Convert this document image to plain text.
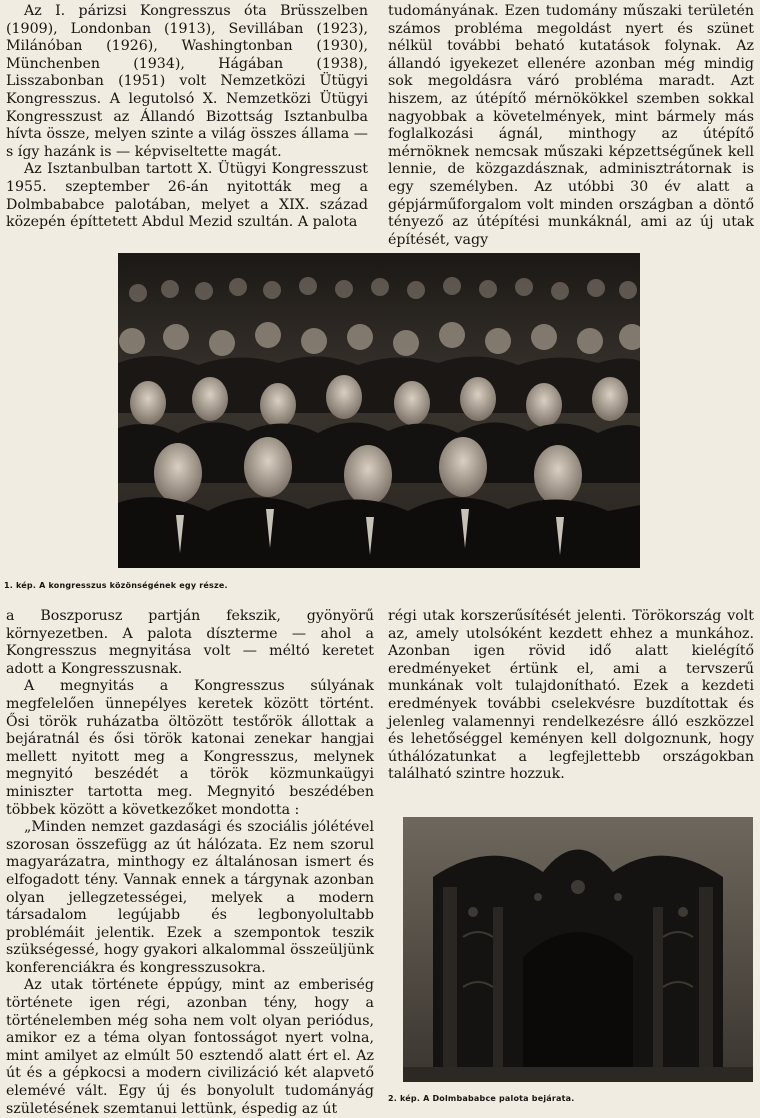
Az I. párizsi Kongresszus óta Brüsszelben (1909), Londonban (1913), Sevillában (1923), Milánóban (1926), Washingtonban (1930), Münchenben (1934), Hágában (1938), Lisszabonban (1951) volt Nemzetközi Ütügyi Kongresszus. A legutolsó X. Nemzetközi Ütügyi Kongresszust az Állandó Bizottság Isztanbulba hívta össze, melyen szinte a világ összes állama — s így hazánk is — képviseltette magát.

Az Isztanbulban tartott X. Ütügyi Kongresszust 1955. szeptember 26-án nyitották meg a Dolmbababce palotában, melyet a XIX. század közepén építtetett Abdul Mezid szultán. A palota

tudományának. Ezen tudomány műszaki területén számos probléma megoldást nyert és szünet nélkül további beható kutatások folynak. Az állandó igyekezet ellenére azonban még mindig sok megoldásra váró probléma maradt. Azt hiszem, az útépítő mérnökökkel szemben sokkal nagyobbak a követelmények, mint bármely más foglalkozási ágnál, minthogy az útépítő mérnöknek nemcsak műszaki képzettségűnek kell lennie, de közgazdásznak, adminisztrátornak is egy személyben. Az utóbbi 30 év alatt a gépjárműforgalom volt minden országban a döntő tényező az útépítési munkáknál, ami az új utak építését, vagy

1. kép. A kongresszus közönségének egy része.

a Boszporusz partján fekszik, gyönyörű környezetben. A palota díszterme — ahol a Kongresszus megnyitása volt — méltó keretet adott a Kongresszusnak.

A megnyitás a Kongresszus súlyának megfelelően ünnepélyes keretek között történt. Ősi török ruházatba öltözött testőrök állottak a bejáratnál és ősi török katonai zenekar hangjai mellett nyitott meg a Kongresszus, melynek megnyitó beszédét a török közmunkaügyi miniszter tartotta meg. Megnyitó beszédében többek között a következőket mondotta :

„Minden nemzet gazdasági és szociális jólétével szorosan összefügg az út hálózata. Ez nem szorul magyarázatra, minthogy ez általánosan ismert és elfogadott tény. Vannak ennek a tárgynak azonban olyan jellegzetességei, melyek a modern társadalom legújabb és legbonyolultabb problémáit jelentik. Ezek a szempontok teszik szükségessé, hogy gyakori alkalommal összeüljünk konferenciákra és kongresszusokra.

Az utak története éppúgy, mint az emberiség története igen régi, azonban tény, hogy a történelemben még soha nem volt olyan periódus, amikor ez a téma olyan fontosságot nyert volna, mint amilyet az elmúlt 50 esztendő alatt ért el. Az út és a gépkocsi a modern civilizáció két alapvető elemévé vált. Egy új és bonyolult tudományág születésének szemtanui lettünk, éspedig az út

régi utak korszerűsítését jelenti. Törökország volt az, amely utolsóként kezdett ehhez a munkához. Azonban igen rövid idő alatt kielégítő eredményeket értünk el, ami a tervszerű munkának volt tulajdonítható. Ezek a kezdeti eredmények további cselekvésre buzdítottak és jelenleg valamennyi rendelkezésre álló eszközzel és lehetőséggel keményen kell dolgoznunk, hogy úthálózatunkat a legfejlettebb országokban található szintre hozzuk.

2. kép. A Dolmbababce palota bejárata.
